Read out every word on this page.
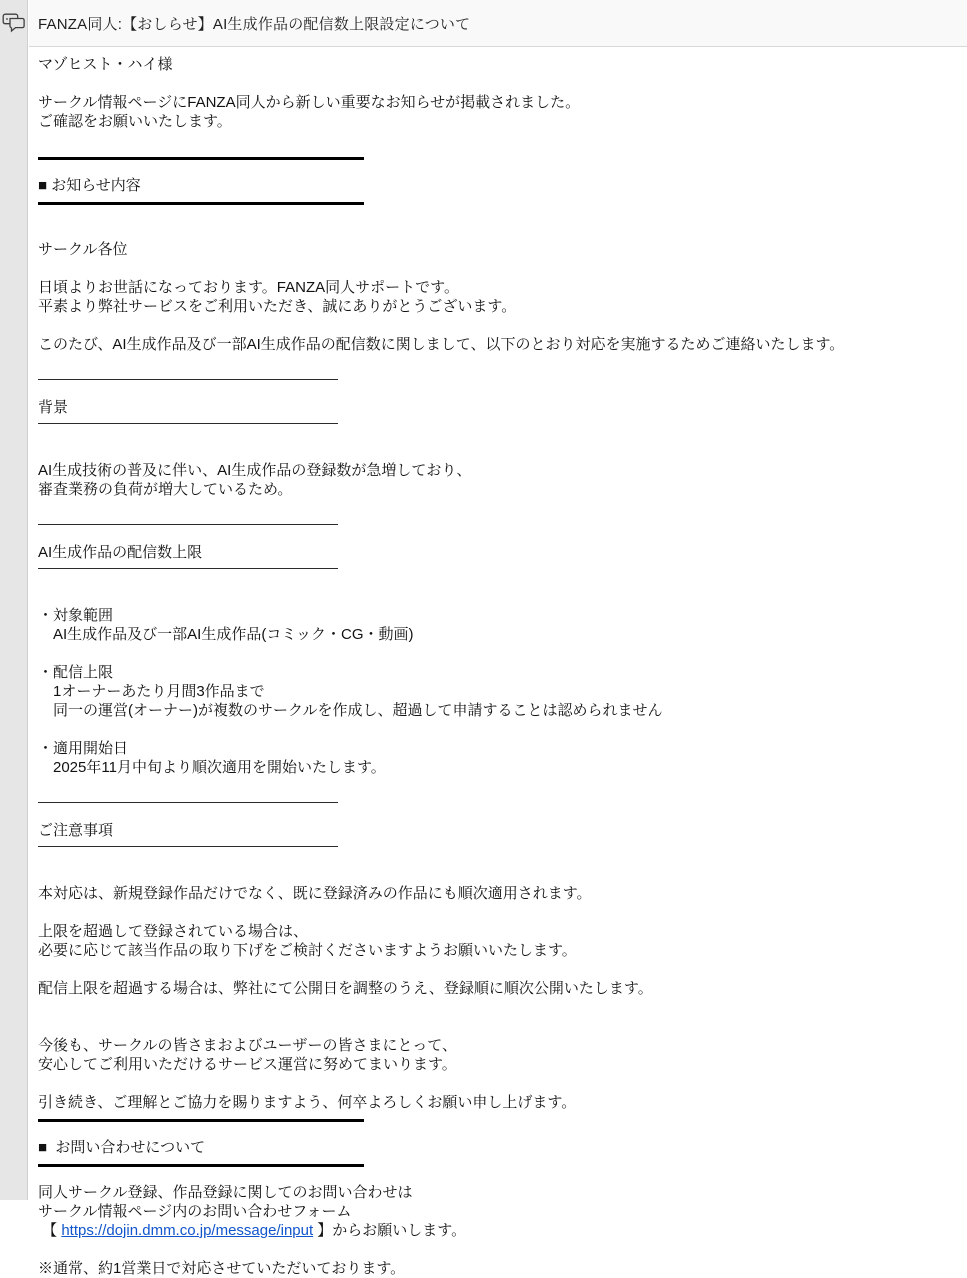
FANZA同人:【おしらせ】AI生成作品の配信数上限設定について
マゾヒスト・ハイ様
サークル情報ページにFANZA同人から新しい重要なお知らせが掲載されました。
ご確認をお願いいたします。
■ お知らせ内容
サークル各位
日頃よりお世話になっております。FANZA同人サポートです。
平素より弊社サービスをご利用いただき、誠にありがとうございます。
このたび、AI生成作品及び一部AI生成作品の配信数に関しまして、以下のとおり対応を実施するためご連絡いたします。
背景
AI生成技術の普及に伴い、AI生成作品の登録数が急増しており、
審査業務の負荷が増大しているため。
AI生成作品の配信数上限
・対象範囲
　AI生成作品及び一部AI生成作品(コミック・CG・動画)
・配信上限
　1オーナーあたり月間3作品まで
　同一の運営(オーナー)が複数のサークルを作成し、超過して申請することは認められません
・適用開始日
　2025年11月中旬より順次適用を開始いたします。
ご注意事項
本対応は、新規登録作品だけでなく、既に登録済みの作品にも順次適用されます。
上限を超過して登録されている場合は、
必要に応じて該当作品の取り下げをご検討くださいますようお願いいたします。
配信上限を超過する場合は、弊社にて公開日を調整のうえ、登録順に順次公開いたします。
今後も、サークルの皆さまおよびユーザーの皆さまにとって、
安心してご利用いただけるサービス運営に努めてまいります。
引き続き、ご理解とご協力を賜りますよう、何卒よろしくお願い申し上げます。
■  お問い合わせについて
同人サークル登録、作品登録に関してのお問い合わせは
サークル情報ページ内のお問い合わせフォーム
【 https://dojin.dmm.co.jp/message/input 】からお願いします。
※通常、約1営業日で対応させていただいております。
